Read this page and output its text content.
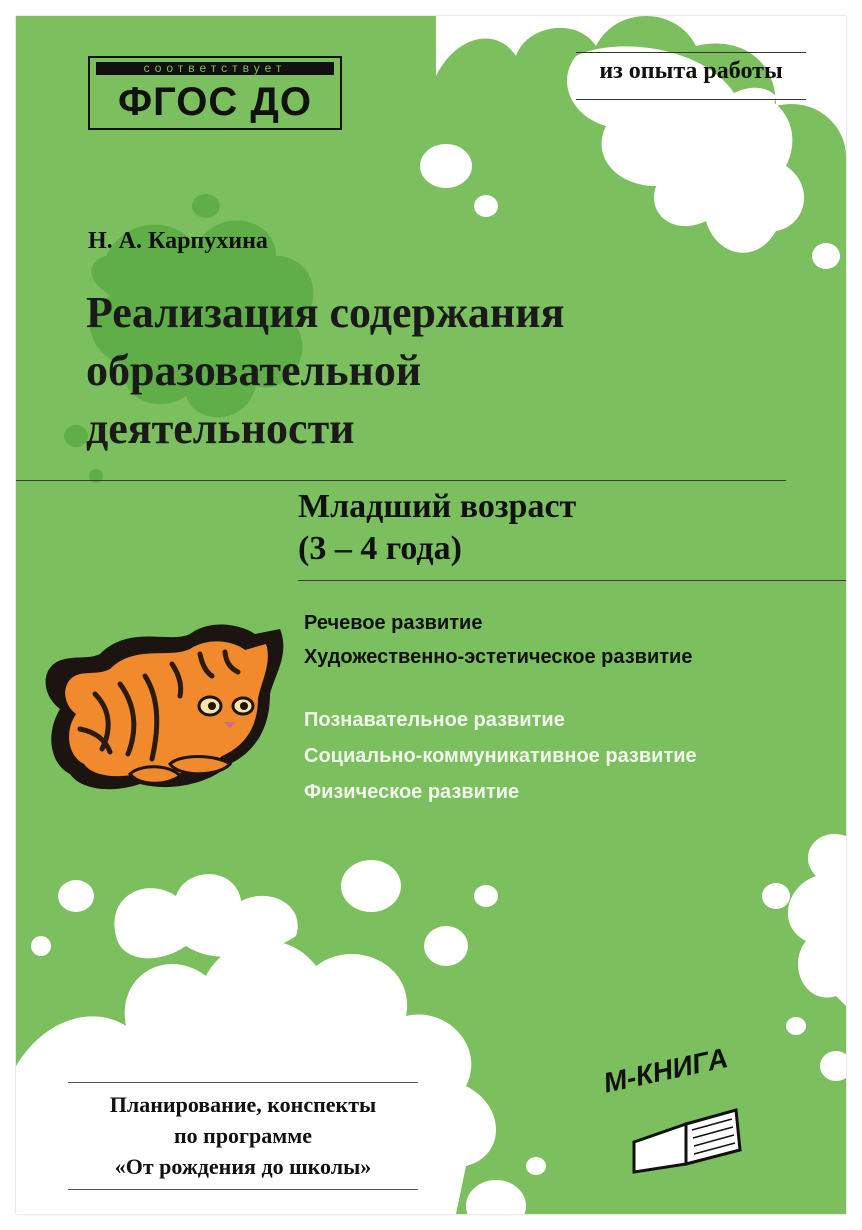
соответствует
ФГОС ДО
из опыта работы
Н. А. Карпухина
Реализация содержания
образовательной
деятельности
Младший возраст
(3 – 4 года)
Речевое развитие
Художественно-эстетическое развитие
Познавательное развитие
Социально-коммуникативное развитие
Физическое развитие
Планирование, конспекты
по программе
«От рождения до школы»
М-КНИГА
